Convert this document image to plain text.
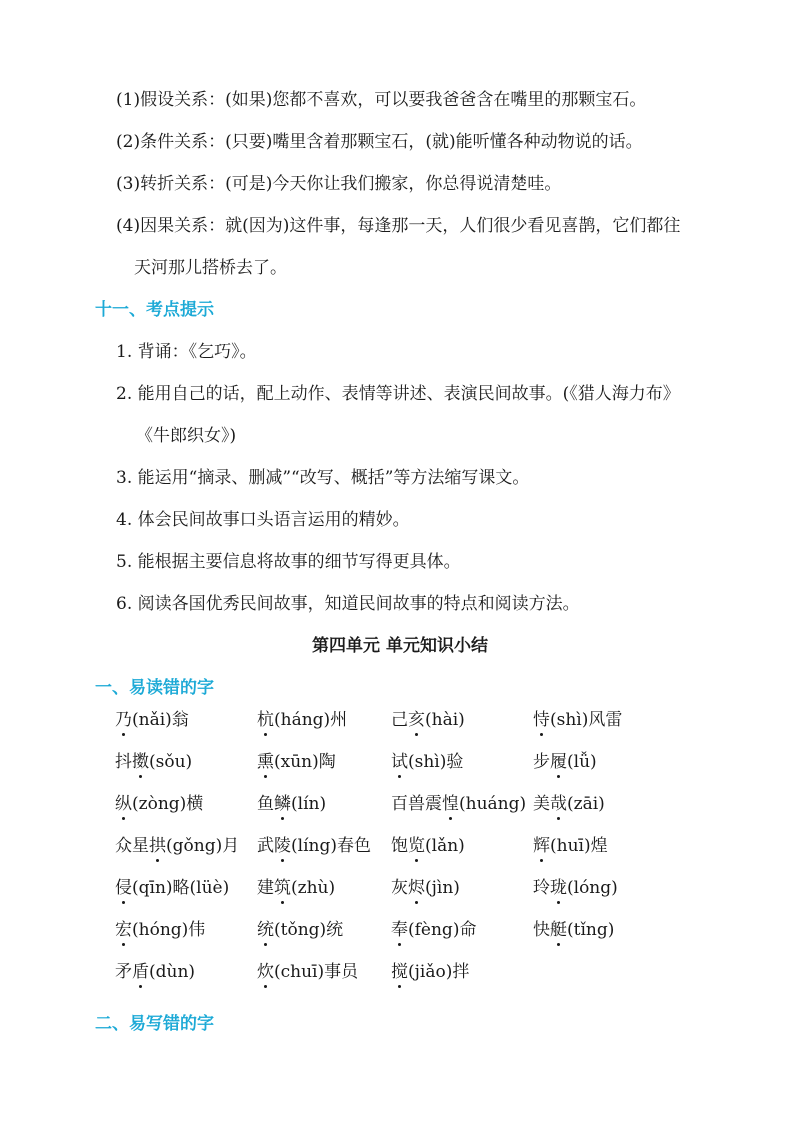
(1)假设关系：(如果)您都不喜欢，可以要我爸爸含在嘴里的那颗宝石。
(2)条件关系：(只要)嘴里含着那颗宝石，(就)能听懂各种动物说的话。
(3)转折关系：(可是)今天你让我们搬家，你总得说清楚哇。
(4)因果关系：就(因为)这件事，每逢那一天，人们很少看见喜鹊，它们都往
天河那儿搭桥去了。
十一、考点提示
1. 背诵：《乞巧》。
2. 能用自己的话，配上动作、表情等讲述、表演民间故事。(《猎人海力布》
《牛郎织女》)
3. 能运用“摘录、删减”“改写、概括”等方法缩写课文。
4. 体会民间故事口头语言运用的精妙。
5. 能根据主要信息将故事的细节写得更具体。
6. 阅读各国优秀民间故事，知道民间故事的特点和阅读方法。
第四单元 单元知识小结
一、易读错的字
乃(nǎi)翁	杭(háng)州	己亥(hài)	恃(shì)风雷
抖擞(sǒu)	熏(xūn)陶	试(shì)验	步履(lǚ)
纵(zòng)横	鱼鳞(lín)	百兽震惶(huáng) 美哉(zāi)
众星拱(gǒng)月 武陵(líng)春色 饱览(lǎn)	辉(huī)煌
侵(qīn)略(lüè) 建筑(zhù)	灰烬(jìn)	玲珑(lóng)
宏(hóng)伟	统(tǒng)统	奉(fèng)命	快艇(tǐng)
矛盾(dùn)	炊(chuī)事员 搅(jiǎo)拌
二、易写错的字
